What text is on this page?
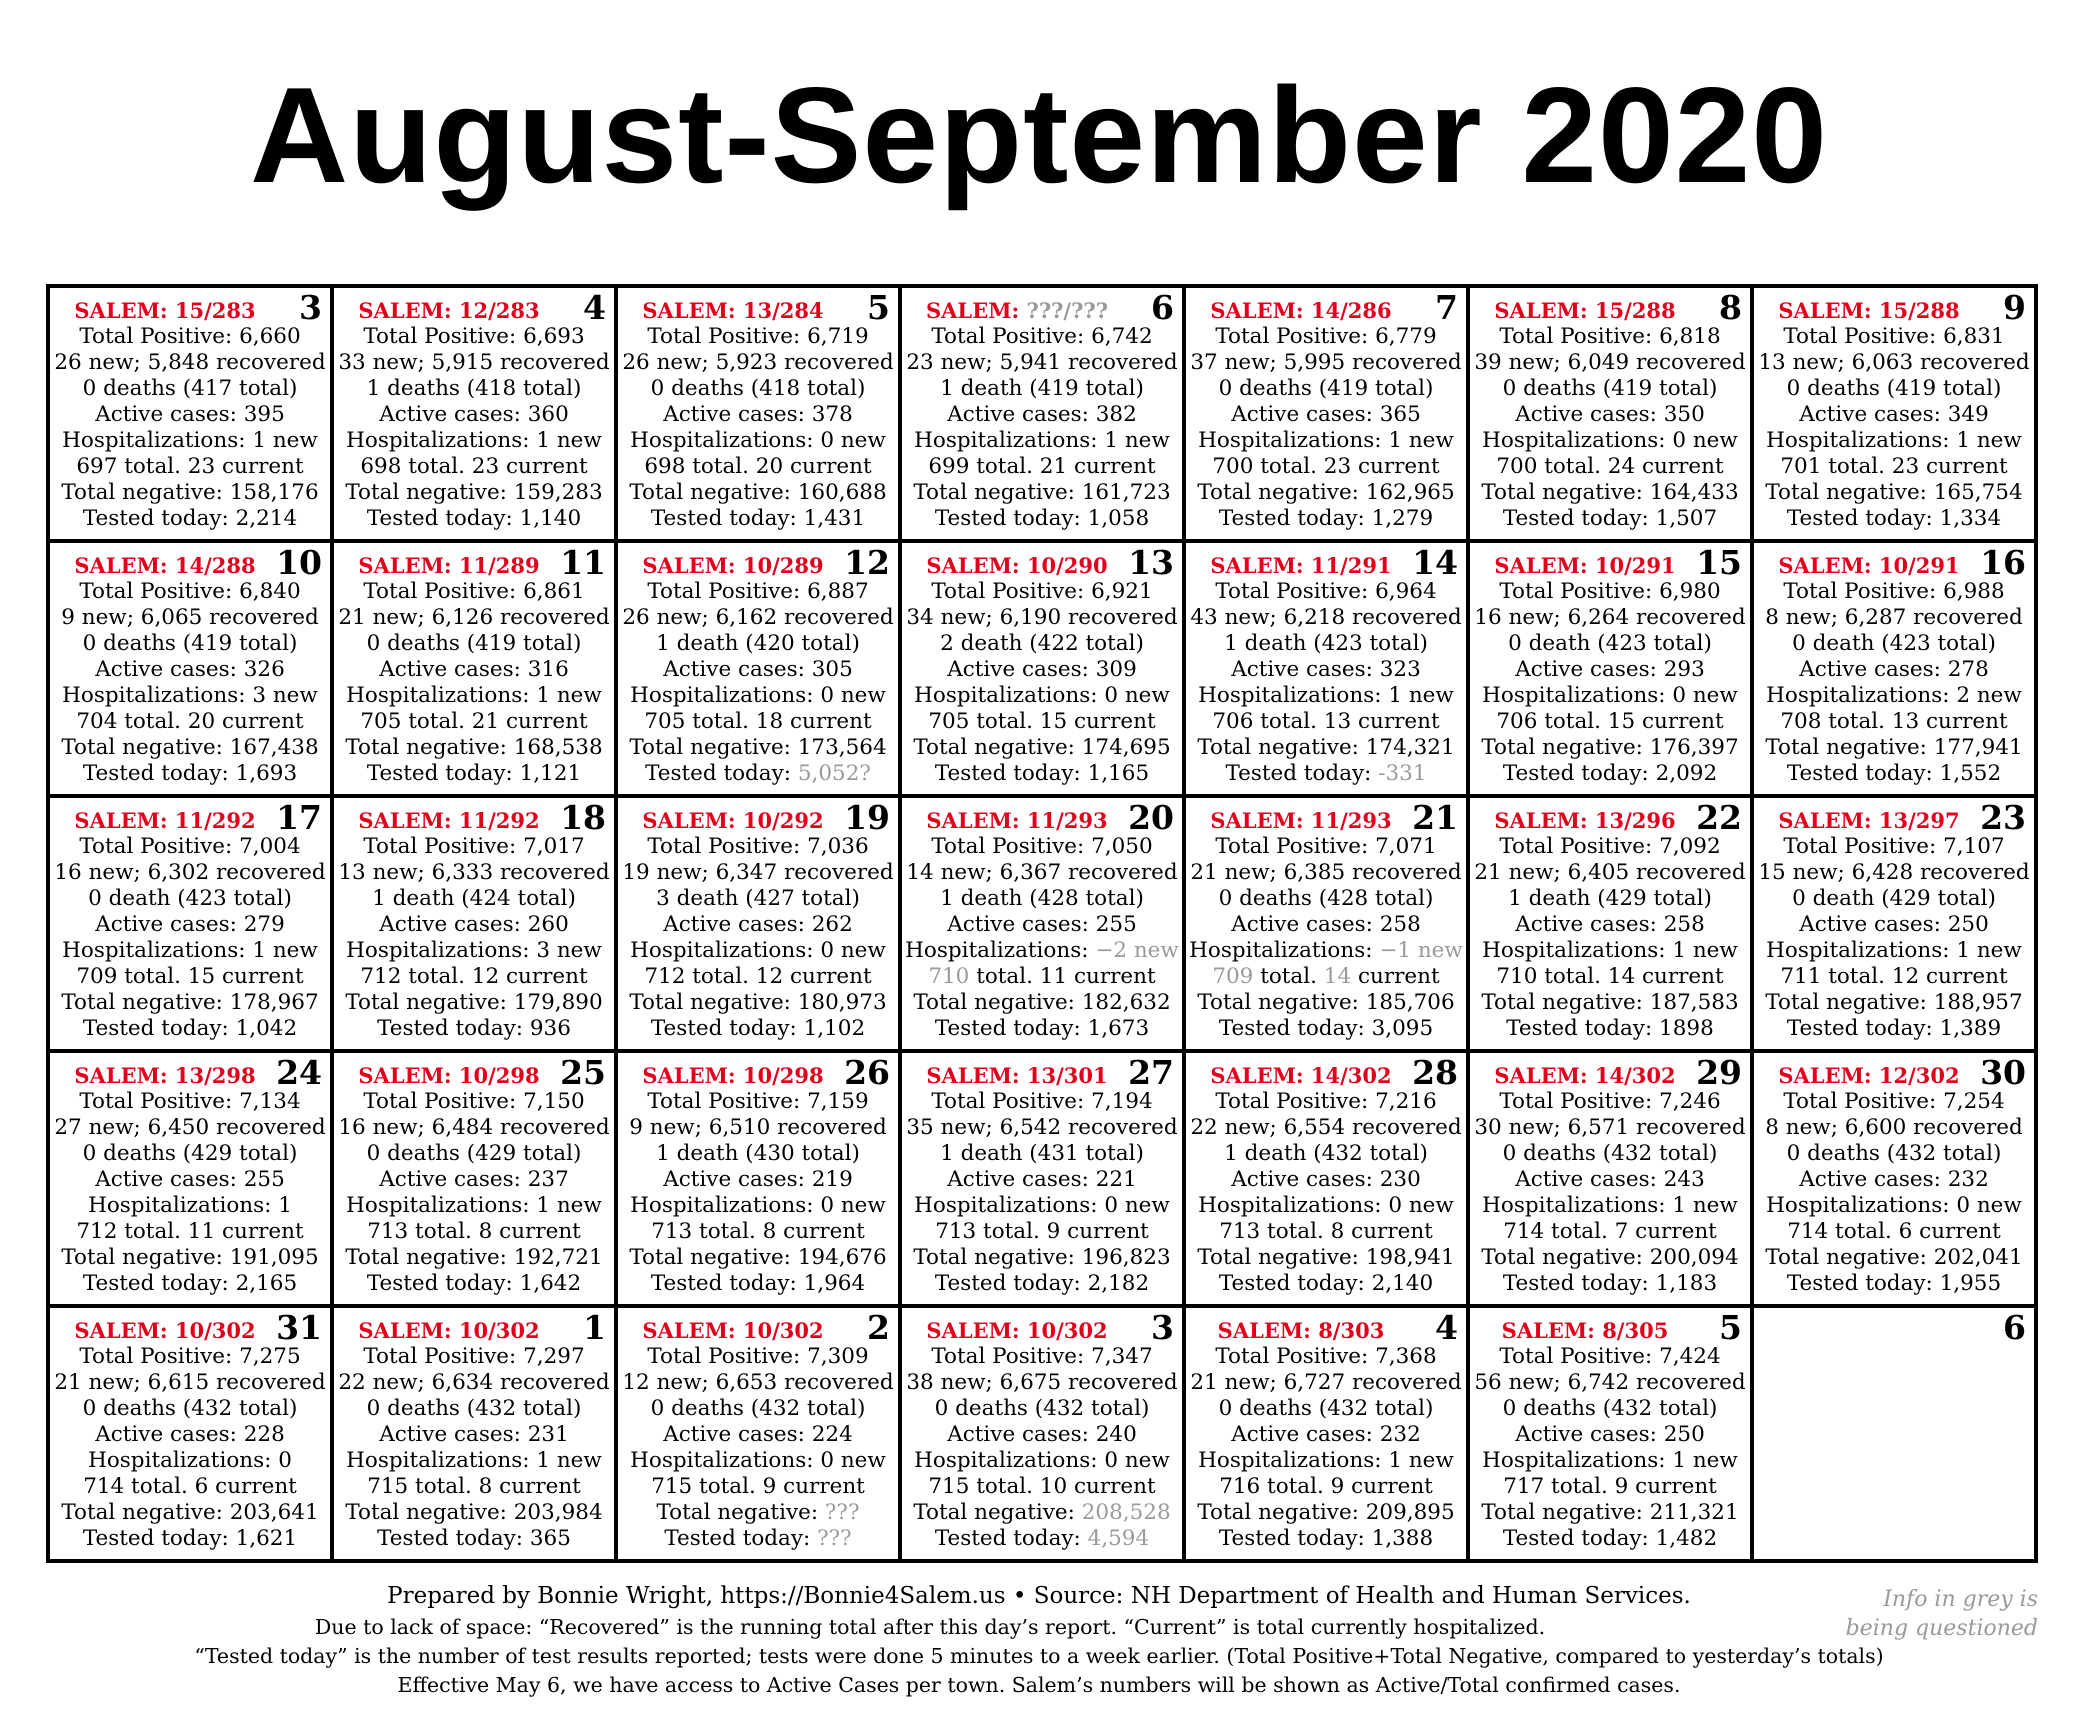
August-September 2020
SALEM: 15/283	3
Total Positive: 6,660
26 new; 5,848 recovered
0 deaths (417 total)
Active cases: 395
Hospitalizations: 1 new
697 total. 23 current
Total negative: 158,176
Tested today: 2,214
SALEM: 12/283	4
Total Positive: 6,693
33 new; 5,915 recovered
1 deaths (418 total)
Active cases: 360
Hospitalizations: 1 new
698 total. 23 current
Total negative: 159,283
Tested today: 1,140
SALEM: 13/284	5
Total Positive: 6,719
26 new; 5,923 recovered
0 deaths (418 total)
Active cases: 378
Hospitalizations: 0 new
698 total. 20 current
Total negative: 160,688
Tested today: 1,431
SALEM: ???/???	6
Total Positive: 6,742
23 new; 5,941 recovered
1 death (419 total)
Active cases: 382
Hospitalizations: 1 new
699 total. 21 current
Total negative: 161,723
Tested today: 1,058
SALEM: 14/286	7
Total Positive: 6,779
37 new; 5,995 recovered
0 deaths (419 total)
Active cases: 365
Hospitalizations: 1 new
700 total. 23 current
Total negative: 162,965
Tested today: 1,279
SALEM: 15/288	8
Total Positive: 6,818
39 new; 6,049 recovered
0 deaths (419 total)
Active cases: 350
Hospitalizations: 0 new
700 total. 24 current
Total negative: 164,433
Tested today: 1,507
SALEM: 15/288	9
Total Positive: 6,831
13 new; 6,063 recovered
0 deaths (419 total)
Active cases: 349
Hospitalizations: 1 new
701 total. 23 current
Total negative: 165,754
Tested today: 1,334
SALEM: 14/288 10
Total Positive: 6,840
9 new; 6,065 recovered
0 deaths (419 total)
Active cases: 326
Hospitalizations: 3 new
704 total. 20 current
Total negative: 167,438
Tested today: 1,693
SALEM: 11/289 11
Total Positive: 6,861
21 new; 6,126 recovered
0 deaths (419 total)
Active cases: 316
Hospitalizations: 1 new
705 total. 21 current
Total negative: 168,538
Tested today: 1,121
SALEM: 10/289 12
Total Positive: 6,887
26 new; 6,162 recovered
1 death (420 total)
Active cases: 305
Hospitalizations: 0 new
705 total. 18 current
Total negative: 173,564
Tested today: 5,052?
SALEM: 10/290 13
Total Positive: 6,921
34 new; 6,190 recovered
2 death (422 total)
Active cases: 309
Hospitalizations: 0 new
705 total. 15 current
Total negative: 174,695
Tested today: 1,165
SALEM: 11/291 14
Total Positive: 6,964
43 new; 6,218 recovered
1 death (423 total)
Active cases: 323
Hospitalizations: 1 new
706 total. 13 current
Total negative: 174,321
Tested today: -331
SALEM: 10/291 15
Total Positive: 6,980
16 new; 6,264 recovered
0 death (423 total)
Active cases: 293
Hospitalizations: 0 new
706 total. 15 current
Total negative: 176,397
Tested today: 2,092
SALEM: 10/291 16
Total Positive: 6,988
8 new; 6,287 recovered
0 death (423 total)
Active cases: 278
Hospitalizations: 2 new
708 total. 13 current
Total negative: 177,941
Tested today: 1,552
SALEM: 11/292 17
Total Positive: 7,004
16 new; 6,302 recovered
0 death (423 total)
Active cases: 279
Hospitalizations: 1 new
709 total. 15 current
Total negative: 178,967
Tested today: 1,042
SALEM: 11/292 18
Total Positive: 7,017
13 new; 6,333 recovered
1 death (424 total)
Active cases: 260
Hospitalizations: 3 new
712 total. 12 current
Total negative: 179,890
Tested today: 936
SALEM: 10/292 19
Total Positive: 7,036
19 new; 6,347 recovered
3 death (427 total)
Active cases: 262
Hospitalizations: 0 new
712 total. 12 current
Total negative: 180,973
Tested today: 1,102
SALEM: 11/293 20
Total Positive: 7,050
14 new; 6,367 recovered
1 death (428 total)
Active cases: 255
Hospitalizations: −2 new
710 total. 11 current
Total negative: 182,632
Tested today: 1,673
SALEM: 11/293 21
Total Positive: 7,071
21 new; 6,385 recovered
0 deaths (428 total)
Active cases: 258
Hospitalizations: −1 new
709 total. 14 current
Total negative: 185,706
Tested today: 3,095
SALEM: 13/296 22
Total Positive: 7,092
21 new; 6,405 recovered
1 death (429 total)
Active cases: 258
Hospitalizations: 1 new
710 total. 14 current
Total negative: 187,583
Tested today: 1898
SALEM: 13/297 23
Total Positive: 7,107
15 new; 6,428 recovered
0 death (429 total)
Active cases: 250
Hospitalizations: 1 new
711 total. 12 current
Total negative: 188,957
Tested today: 1,389
SALEM: 13/298 24
Total Positive: 7,134
27 new; 6,450 recovered
0 deaths (429 total)
Active cases: 255
Hospitalizations: 1
712 total. 11 current
Total negative: 191,095
Tested today: 2,165
SALEM: 10/298 25
Total Positive: 7,150
16 new; 6,484 recovered
0 deaths (429 total)
Active cases: 237
Hospitalizations: 1 new
713 total. 8 current
Total negative: 192,721
Tested today: 1,642
SALEM: 10/298 26
Total Positive: 7,159
9 new; 6,510 recovered
1 death (430 total)
Active cases: 219
Hospitalizations: 0 new
713 total. 8 current
Total negative: 194,676
Tested today: 1,964
SALEM: 13/301 27
Total Positive: 7,194
35 new; 6,542 recovered
1 death (431 total)
Active cases: 221
Hospitalizations: 0 new
713 total. 9 current
Total negative: 196,823
Tested today: 2,182
SALEM: 14/302 28
Total Positive: 7,216
22 new; 6,554 recovered
1 death (432 total)
Active cases: 230
Hospitalizations: 0 new
713 total. 8 current
Total negative: 198,941
Tested today: 2,140
SALEM: 14/302 29
Total Positive: 7,246
30 new; 6,571 recovered
0 deaths (432 total)
Active cases: 243
Hospitalizations: 1 new
714 total. 7 current
Total negative: 200,094
Tested today: 1,183
SALEM: 12/302 30
Total Positive: 7,254
8 new; 6,600 recovered
0 deaths (432 total)
Active cases: 232
Hospitalizations: 0 new
714 total. 6 current
Total negative: 202,041
Tested today: 1,955
SALEM: 10/302 31
Total Positive: 7,275
21 new; 6,615 recovered
0 deaths (432 total)
Active cases: 228
Hospitalizations: 0
714 total. 6 current
Total negative: 203,641
Tested today: 1,621
SALEM: 10/302	1
Total Positive: 7,297
22 new; 6,634 recovered
0 deaths (432 total)
Active cases: 231
Hospitalizations: 1 new
715 total. 8 current
Total negative: 203,984
Tested today: 365
SALEM: 10/302	2
Total Positive: 7,309
12 new; 6,653 recovered
0 deaths (432 total)
Active cases: 224
Hospitalizations: 0 new
715 total. 9 current
Total negative: ???
Tested today: ???
SALEM: 10/302	3
Total Positive: 7,347
38 new; 6,675 recovered
0 deaths (432 total)
Active cases: 240
Hospitalizations: 0 new
715 total. 10 current
Total negative: 208,528
Tested today: 4,594
SALEM: 8/303	4
Total Positive: 7,368
21 new; 6,727 recovered
0 deaths (432 total)
Active cases: 232
Hospitalizations: 1 new
716 total. 9 current
Total negative: 209,895
Tested today: 1,388
SALEM: 8/305	5
Total Positive: 7,424
56 new; 6,742 recovered
0 deaths (432 total)
Active cases: 250
Hospitalizations: 1 new
717 total. 9 current
Total negative: 211,321
Tested today: 1,482
6
Prepared by Bonnie Wright, https://Bonnie4Salem.us • Source: NH Department of Health and Human Services.
Due to lack of space: “Recovered” is the running total after this day’s report. “Current” is total currently hospitalized.
“Tested today” is the number of test results reported; tests were done 5 minutes to a week earlier. (Total Positive+Total Negative, compared to yesterday’s totals)
Effective May 6, we have access to Active Cases per town. Salem’s numbers will be shown as Active/Total confirmed cases.
Info in grey is
being questioned
